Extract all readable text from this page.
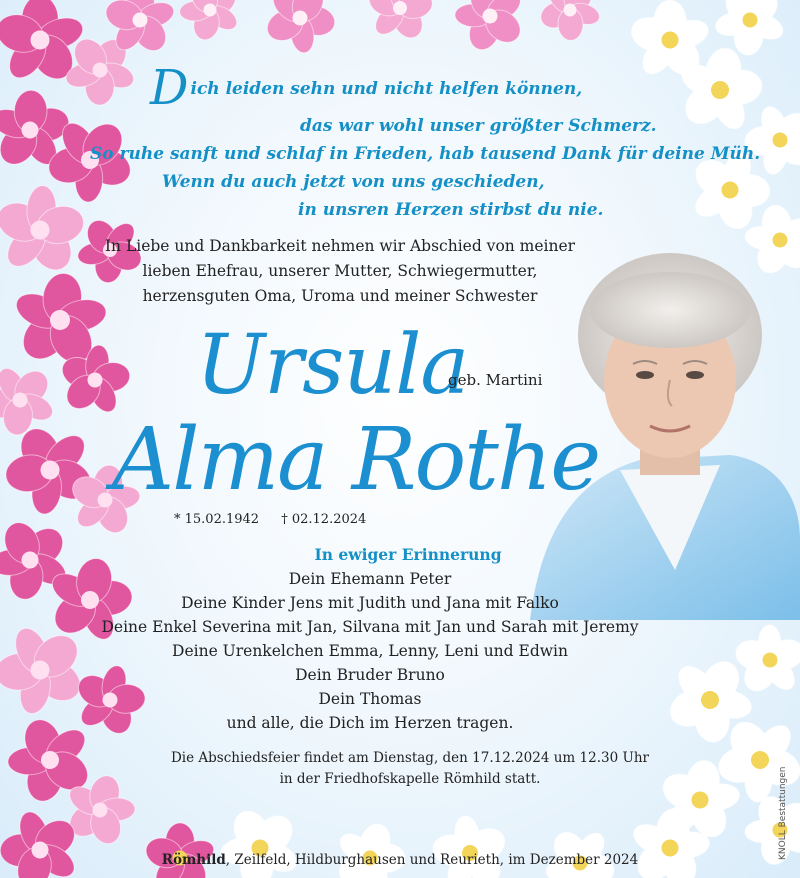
Dich leiden sehn und nicht helfen können,
das war wohl unser größter Schmerz.
So ruhe sanft und schlaf in Frieden, hab tausend Dank für deine Müh.
Wenn du auch jetzt von uns geschieden,
in unsren Herzen stirbst du nie.
In Liebe und Dankbarkeit nehmen wir Abschied von meiner
lieben Ehefrau, unserer Mutter, Schwiegermutter,
herzensguten Oma, Uroma und meiner Schwester
Ursula
geb. Martini
Alma Rothe
* 15.02.1942 † 02.12.2024
In ewiger Erinnerung
Dein Ehemann Peter
Deine Kinder Jens mit Judith und Jana mit Falko
Deine Enkel Severina mit Jan, Silvana mit Jan und Sarah mit Jeremy
Deine Urenkelchen Emma, Lenny, Leni und Edwin
Dein Bruder Bruno
Dein Thomas
und alle, die Dich im Herzen tragen.
Die Abschiedsfeier findet am Dienstag, den 17.12.2024 um 12.30 Uhr
in der Friedhofskapelle Römhild statt.
Römhild, Zeilfeld, Hildburghausen und Reurieth, im Dezember 2024	KNOLL Bestattungen
